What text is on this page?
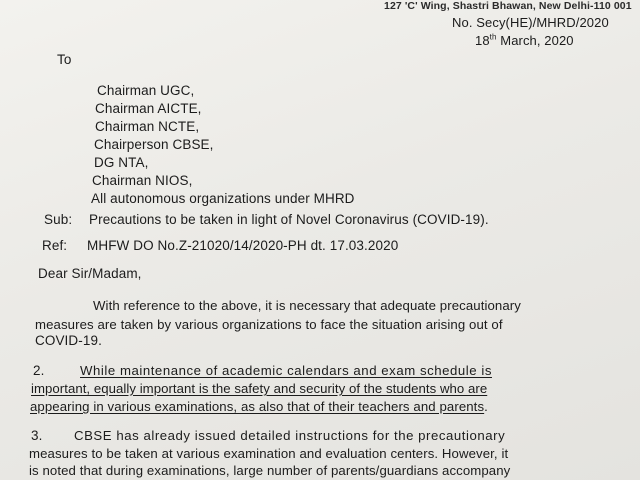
127 'C' Wing, Shastri Bhawan, New Delhi-110 001
No. Secy(HE)/MHRD/2020
18th March, 2020
To
Chairman UGC,
Chairman AICTE,
Chairman NCTE,
Chairperson CBSE,
DG NTA,
Chairman NIOS,
All autonomous organizations under MHRD
Sub: Precautions to be taken in light of Novel Coronavirus (COVID-19).
Ref: MHFW DO No.Z-21020/14/2020-PH dt. 17.03.2020
Dear Sir/Madam,
With reference to the above, it is necessary that adequate precautionary
measures are taken by various organizations to face the situation arising out of
COVID-19.
2.	While maintenance of academic calendars and exam schedule is
important, equally important is the safety and security of the students who are
appearing in various examinations, as also that of their teachers and parents.
3. CBSE has already issued detailed instructions for the precautionary
measures to be taken at various examination and evaluation centers. However, it
is noted that during examinations, large number of parents/guardians accompany
